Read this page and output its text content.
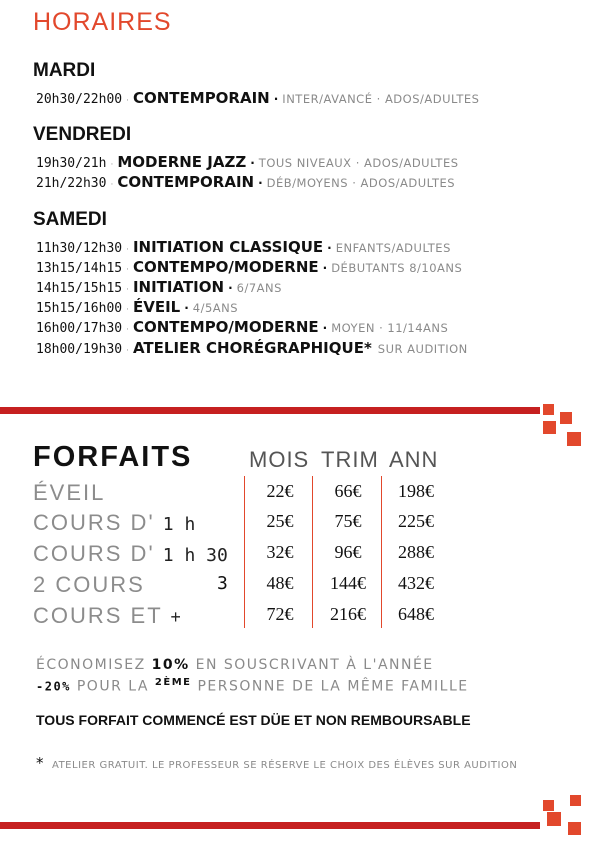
HORAIRES
MARDI
20h30/22h00 · CONTEMPORAIN · INTER/AVANCÉ · ADOS/ADULTES
VENDREDI
19h30/21h · MODERNE JAZZ · TOUS NIVEAUX · ADOS/ADULTES
21h/22h30 · CONTEMPORAIN · DÉB/MOYENS · ADOS/ADULTES
SAMEDI
11h30/12h30 · INITIATION CLASSIQUE · ENFANTS/ADULTES
13h15/14h15 · CONTEMPO/MODERNE · DÉBUTANTS 8/10ANS
14h15/15h15 · INITIATION · 6/7ANS
15h15/16h00 · ÉVEIL · 4/5ANS
16h00/17h30 · CONTEMPO/MODERNE · MOYEN · 11/14ANS
18h00/19h30 · ATELIER CHORÉGRAPHIQUE* SUR AUDITION
FORFAITS	MOIS TRIM ANN
ÉVEIL	22€	66€	198€
COURS D' 1 h	25€	75€	225€
COURS D' 1 h 30	32€	96€	288€
2 COURS	3	48€	144€	432€
COURS ET +	72€	216€	648€
ÉCONOMISEZ 10% EN SOUSCRIVANT À L'ANNÉE
-20% POUR LA $^{2ÈME}$ PERSONNE DE LA MÊME FAMILLE
TOUS FORFAIT COMMENCÉ EST DÜE ET NON REMBOURSABLE
* ATELIER GRATUIT. LE PROFESSEUR SE RÉSERVE LE CHOIX DES ÉLÈVES SUR AUDITION
